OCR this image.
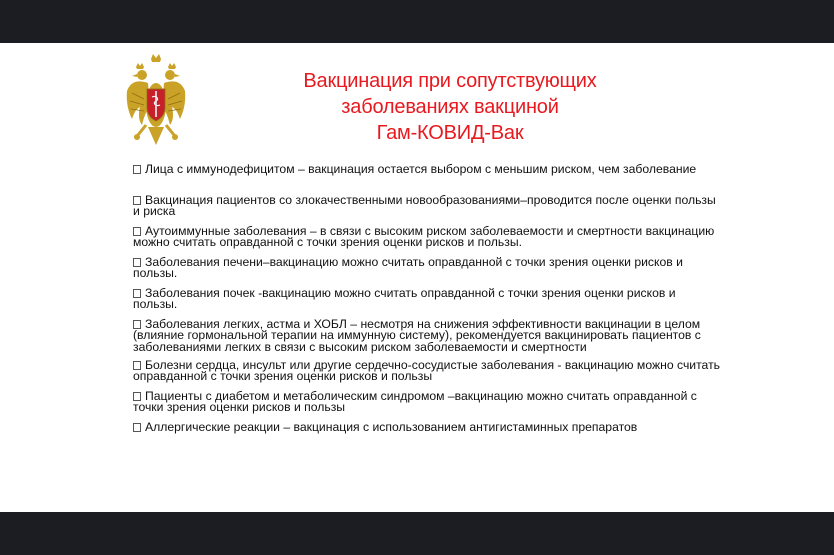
Вакцинация при сопутствующих
заболеваниях вакциной
Гам-КОВИД-Вак
Лица с иммунодефицитом – вакцинация остается выбором с меньшим риском, чем заболевание
Вакцинация пациентов со злокачественными новообразованиями–проводится после оценки пользы и риска
Аутоиммунные заболевания – в связи с высоким риском заболеваемости и смертности вакцинацию можно считать оправданной с точки зрения оценки рисков и пользы.
Заболевания печени–вакцинацию можно считать оправданной с точки зрения оценки рисков и пользы.
Заболевания почек -вакцинацию можно считать оправданной с точки зрения оценки рисков и пользы.
Заболевания легких, астма и ХОБЛ – несмотря на снижения эффективности вакцинации в целом (влияние гормональной терапии на иммунную систему), рекомендуется вакцинировать пациентов с заболеваниями легких в связи с высоким риском заболеваемости и смертности
Болезни сердца, инсульт или другие сердечно-сосудистые заболевания - вакцинацию можно считать оправданной с точки зрения оценки рисков и пользы
Пациенты с диабетом и метаболическим синдромом –вакцинацию можно считать оправданной с точки зрения оценки рисков и пользы
Аллергические реакции – вакцинация с использованием антигистаминных препаратов
